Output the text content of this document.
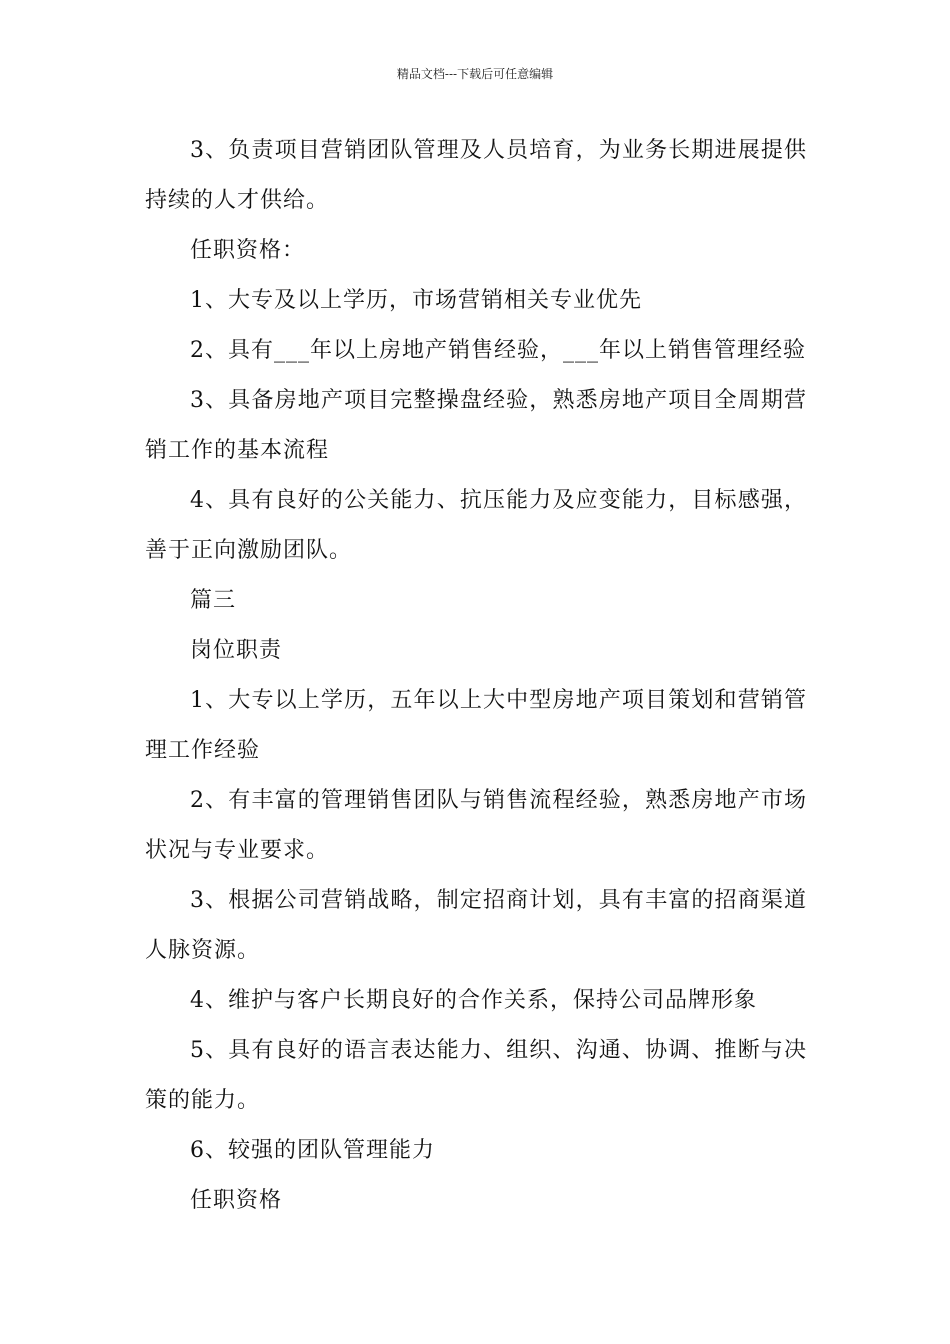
精品文档---下载后可任意编辑

3、负责项目营销团队管理及人员培育，为业务长期进展提供持续的人才供给。

任职资格：

1、大专及以上学历，市场营销相关专业优先

2、具有___年以上房地产销售经验，___年以上销售管理经验

3、具备房地产项目完整操盘经验，熟悉房地产项目全周期营销工作的基本流程

4、具有良好的公关能力、抗压能力及应变能力，目标感强，善于正向激励团队。

篇三

岗位职责

1、大专以上学历，五年以上大中型房地产项目策划和营销管理工作经验

2、有丰富的管理销售团队与销售流程经验，熟悉房地产市场状况与专业要求。

3、根据公司营销战略，制定招商计划，具有丰富的招商渠道人脉资源。

4、维护与客户长期良好的合作关系，保持公司品牌形象

5、具有良好的语言表达能力、组织、沟通、协调、推断与决策的能力。

6、较强的团队管理能力

任职资格
